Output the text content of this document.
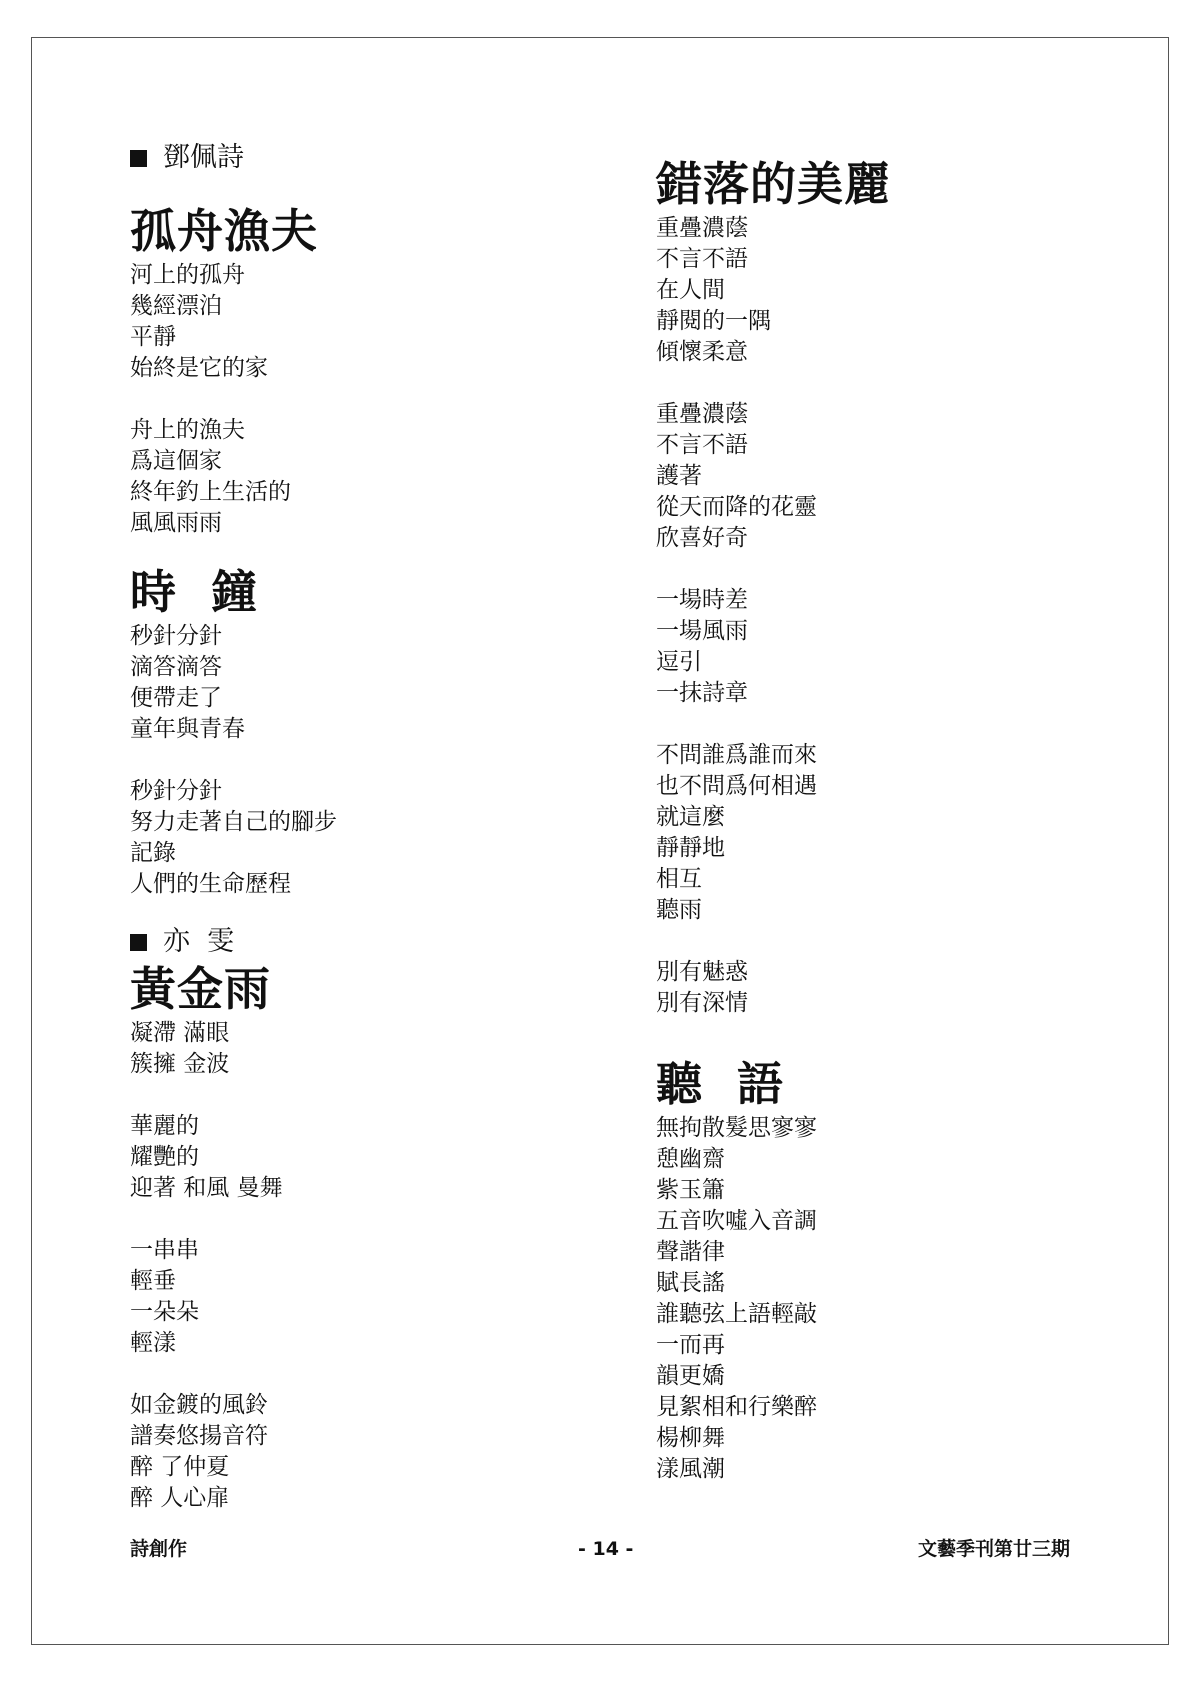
鄧佩詩

孤舟漁夫

河上的孤舟

幾經漂泊

平靜

始終是它的家

舟上的漁夫

爲這個家

終年釣上生活的

風風雨雨

時  鐘

秒針分針

滴答滴答

便帶走了

童年與青春

秒針分針

努力走著自己的腳步

記錄

人們的生命歷程

亦  雯

黃金雨

凝滯 滿眼

簇擁 金波

華麗的

耀艷的

迎著 和風 曼舞

一串串

輕垂

一朵朵

輕漾

如金鍍的風鈴

譜奏悠揚音符

醉 了仲夏

醉 人心扉

錯落的美麗

重疊濃蔭

不言不語

在人間

靜閱的一隅

傾懷柔意

重疊濃蔭

不言不語

護著

從天而降的花靈

欣喜好奇

一場時差

一場風雨

逗引

一抹詩章

不問誰爲誰而來

也不問爲何相遇

就這麼

靜靜地

相互

聽雨

別有魅惑

別有深情

聽  語

無拘散髮思寥寥

憩幽齋

紫玉簫

五音吹噓入音調

聲諧律

賦長謠

誰聽弦上語輕敲

一而再

韻更嬌

見絮相和行樂醉

楊柳舞

漾風潮

詩創作	- 14 -	文藝季刊第廿三期
